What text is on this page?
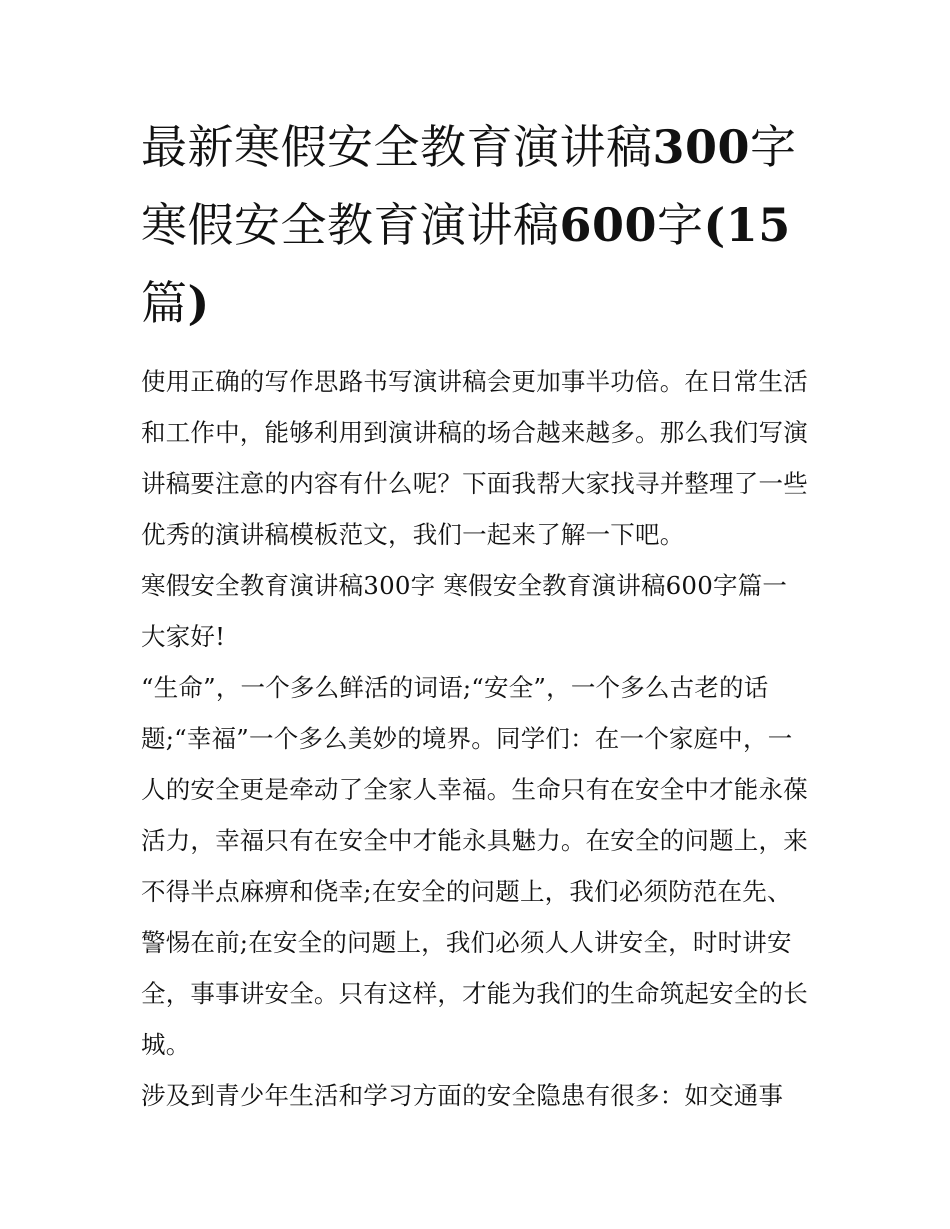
最新寒假安全教育演讲稿300字 寒假安全教育演讲稿600字(15篇)

使用正确的写作思路书写演讲稿会更加事半功倍。在日常生活和工作中，能够利用到演讲稿的场合越来越多。那么我们写演讲稿要注意的内容有什么呢？下面我帮大家找寻并整理了一些优秀的演讲稿模板范文，我们一起来了解一下吧。

寒假安全教育演讲稿300字 寒假安全教育演讲稿600字篇一

大家好!

“生命”，一个多么鲜活的词语;“安全”，一个多么古老的话题;“幸福”一个多么美妙的境界。同学们：在一个家庭中，一人的安全更是牵动了全家人幸福。生命只有在安全中才能永葆活力，幸福只有在安全中才能永具魅力。在安全的问题上，来不得半点麻痹和侥幸;在安全的问题上，我们必须防范在先、警惕在前;在安全的问题上，我们必须人人讲安全，时时讲安全，事事讲安全。只有这样，才能为我们的生命筑起安全的长城。

涉及到青少年生活和学习方面的安全隐患有很多：如交通事
